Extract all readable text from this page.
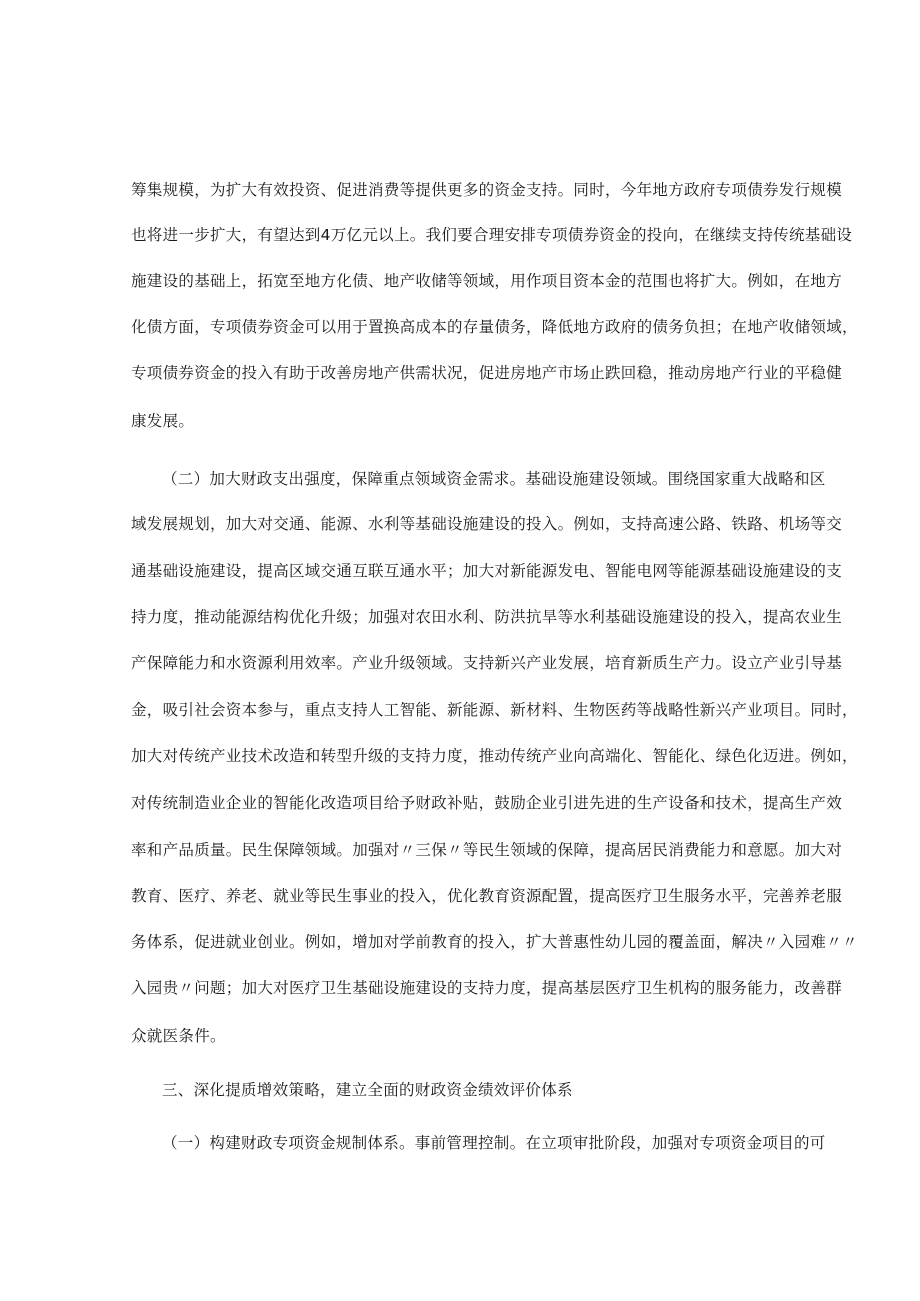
筹集规模，为扩大有效投资、促进消费等提供更多的资金支持。同时，今年地方政府专项债券发行规模
也将进一步扩大，有望达到4万亿元以上。我们要合理安排专项债券资金的投向，在继续支持传统基础设
施建设的基础上，拓宽至地方化债、地产收储等领域，用作项目资本金的范围也将扩大。例如，在地方
化债方面，专项债券资金可以用于置换高成本的存量债务，降低地方政府的债务负担；在地产收储领域，
专项债券资金的投入有助于改善房地产供需状况，促进房地产市场止跌回稳，推动房地产行业的平稳健
康发展。
（二）加大财政支出强度，保障重点领域资金需求。基础设施建设领域。围绕国家重大战略和区
域发展规划，加大对交通、能源、水利等基础设施建设的投入。例如，支持高速公路、铁路、机场等交
通基础设施建设，提高区域交通互联互通水平；加大对新能源发电、智能电网等能源基础设施建设的支
持力度，推动能源结构优化升级；加强对农田水利、防洪抗旱等水利基础设施建设的投入，提高农业生
产保障能力和水资源利用效率。产业升级领域。支持新兴产业发展，培育新质生产力。设立产业引导基
金，吸引社会资本参与，重点支持人工智能、新能源、新材料、生物医药等战略性新兴产业项目。同时，
加大对传统产业技术改造和转型升级的支持力度，推动传统产业向高端化、智能化、绿色化迈进。例如，
对传统制造业企业的智能化改造项目给予财政补贴，鼓励企业引进先进的生产设备和技术，提高生产效
率和产品质量。民生保障领域。加强对〃三保〃等民生领域的保障，提高居民消费能力和意愿。加大对
教育、医疗、养老、就业等民生事业的投入，优化教育资源配置，提高医疗卫生服务水平，完善养老服
务体系，促进就业创业。例如，增加对学前教育的投入，扩大普惠性幼儿园的覆盖面，解决〃入园难〃〃
入园贵〃问题；加大对医疗卫生基础设施建设的支持力度，提高基层医疗卫生机构的服务能力，改善群
众就医条件。
三、深化提质增效策略，建立全面的财政资金绩效评价体系
（一）构建财政专项资金规制体系。事前管理控制。在立项审批阶段，加强对专项资金项目的可
